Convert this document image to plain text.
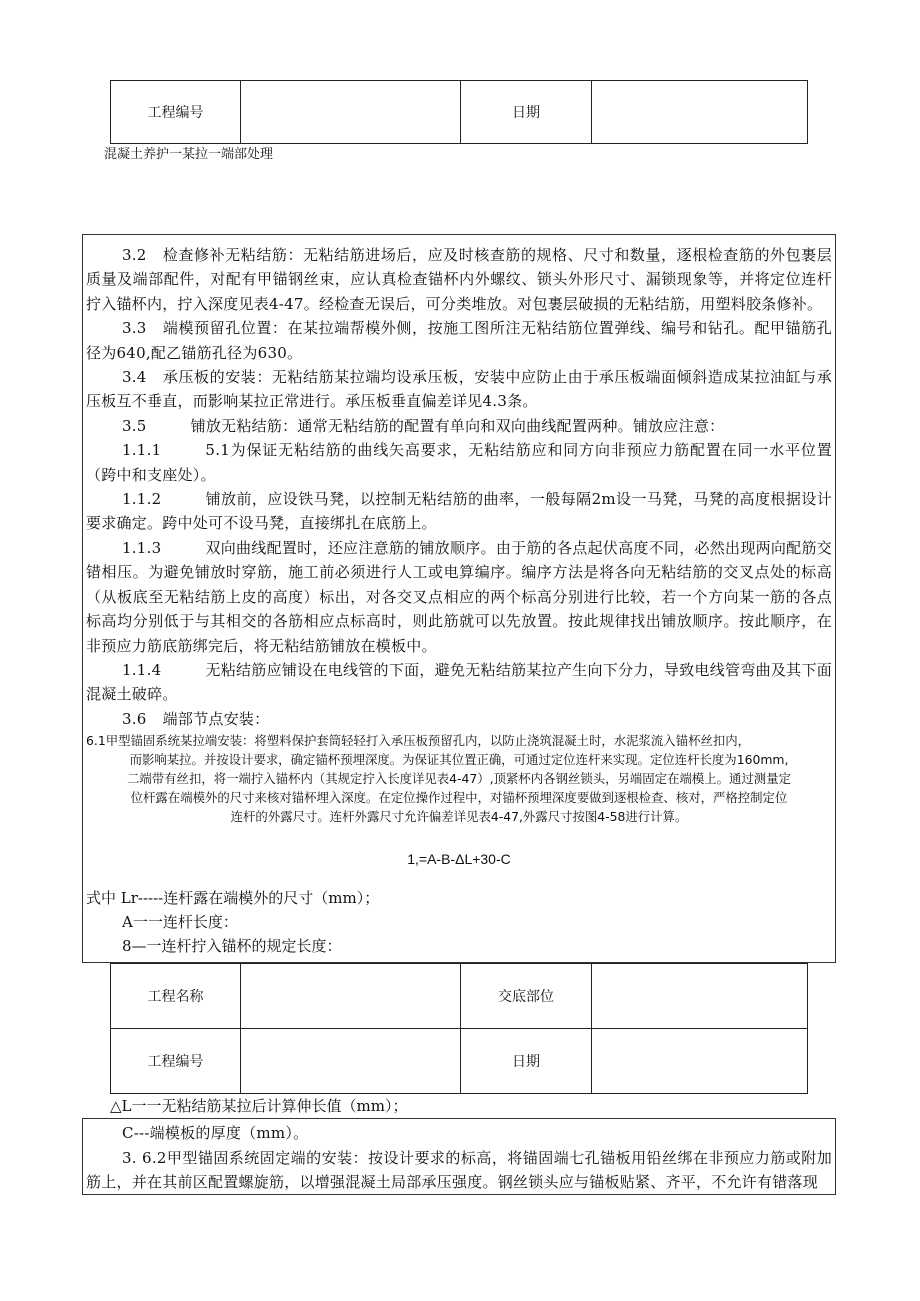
工程编号		日期	
混凝土养护一某拉一端部处理

3.2 检查修补无粘结筋：无粘结筋进场后，应及时核查筋的规格、尺寸和数量，逐根检查筋的外包裹层质量及端部配件，对配有甲锚钢丝束，应认真检查锚杯内外螺纹、锁头外形尺寸、漏锁现象等，并将定位连杆拧入锚杯内，拧入深度见表4-47。经检查无误后，可分类堆放。对包裹层破损的无粘结筋，用塑料胶条修补。

3.3 端模预留孔位置：在某拉端帮模外侧，按施工图所注无粘结筋位置弹线、编号和钻孔。配甲锚筋孔径为640,配乙锚筋孔径为630。

3.4 承压板的安装：无粘结筋某拉端均设承压板，安装中应防止由于承压板端面倾斜造成某拉油缸与承压板互不垂直，而影响某拉正常进行。承压板垂直偏差详见4.3条。

3.5	铺放无粘结筋：通常无粘结筋的配置有单向和双向曲线配置两种。铺放应注意：

1.1.1	5.1为保证无粘结筋的曲线矢高要求，无粘结筋应和同方向非预应力筋配置在同一水平位置（跨中和支座处）。

1.1.2	铺放前，应设铁马凳，以控制无粘结筋的曲率，一般每隔2m设一马凳，马凳的高度根据设计要求确定。跨中处可不设马凳，直接绑扎在底筋上。

1.1.3	双向曲线配置时，还应注意筋的铺放顺序。由于筋的各点起伏高度不同，必然出现两向配筋交错相压。为避免铺放时穿筋，施工前必须进行人工或电算编序。编序方法是将各向无粘结筋的交叉点处的标高（从板底至无粘结筋上皮的高度）标出，对各交叉点相应的两个标高分别进行比较，若一个方向某一筋的各点标高均分别低于与其相交的各筋相应点标高时，则此筋就可以先放置。按此规律找出铺放顺序。按此顺序，在非预应力筋底筋绑完后，将无粘结筋铺放在模板中。

1.1.4	无粘结筋应铺设在电线管的下面，避免无粘结筋某拉产生向下分力，导致电线管弯曲及其下面混凝土破碎。

3.6 端部节点安装：

6.1甲型锚固系统某拉端安装：将塑料保护套筒轻轻打入承压板预留孔内，以防止浇筑混凝土时，水泥浆流入锚杯丝扣内，
而影响某拉。并按设计要求，确定锚杯预埋深度。为保证其位置正确，可通过定位连杆来实现。定位连杆长度为160mm,
二端带有丝扣，将一端拧入锚杯内（其规定拧入长度详见表4-47）,顶紧杯内各钢丝锁头，另端固定在端模上。通过测量定
位杆露在端模外的尺寸来核对锚杯埋入深度。在定位操作过程中，对锚杯预埋深度要做到逐根检查、核对，严格控制定位
连杆的外露尺寸。连杆外露尺寸允许偏差详见表4-47,外露尺寸按图4-58进行计算。
1,=A-B-ΔL+30-C
式中 Lr-----连杆露在端模外的尺寸（mm）；
A一一连杆长度：
8—一连杆拧入锚杯的规定长度：
工程名称		交底部位	
工程编号		日期	
△L一一无粘结筋某拉后计算伸长值（mm）；

C---端模板的厚度（mm）。

3. 6.2甲型锚固系统固定端的安装：按设计要求的标高，将锚固端七孔锚板用铅丝绑在非预应力筋或附加筋上，并在其前区配置螺旋筋，以增强混凝土局部承压强度。钢丝锁头应与锚板贴紧、齐平，不允许有错落现
